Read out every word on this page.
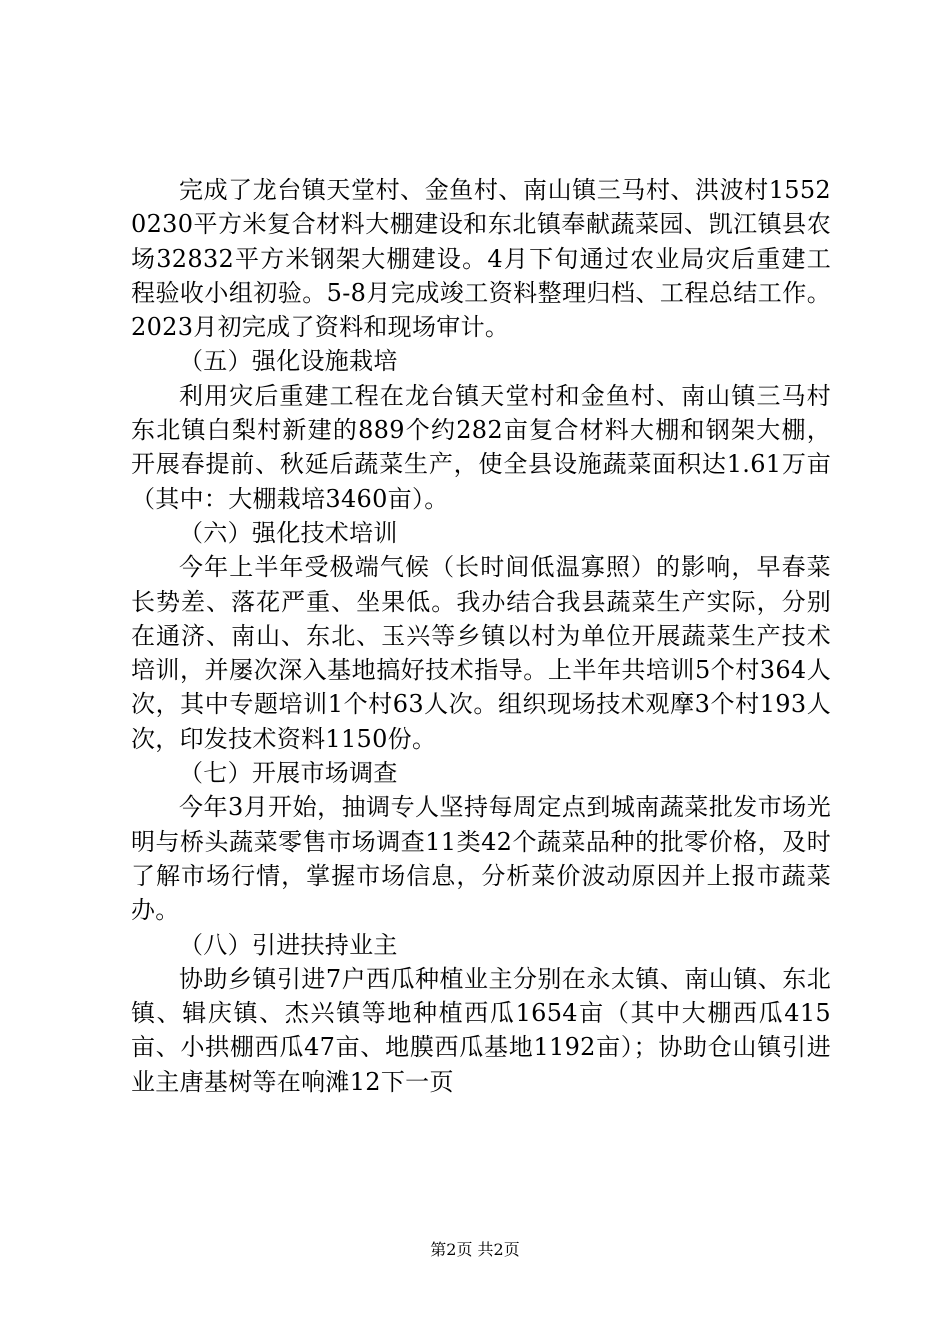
完成了龙台镇天堂村、金鱼村、南山镇三马村、洪波村15520230平方米复合材料大棚建设和东北镇奉献蔬菜园、凯江镇县农场32832平方米钢架大棚建设。4月下旬通过农业局灾后重建工程验收小组初验。5-8月完成竣工资料整理归档、工程总结工作。2023月初完成了资料和现场审计。

（五）强化设施栽培

利用灾后重建工程在龙台镇天堂村和金鱼村、南山镇三马村东北镇白梨村新建的889个约282亩复合材料大棚和钢架大棚，开展春提前、秋延后蔬菜生产，使全县设施蔬菜面积达1.61万亩（其中：大棚栽培3460亩）。

（六）强化技术培训

今年上半年受极端气候（长时间低温寡照）的影响，早春菜长势差、落花严重、坐果低。我办结合我县蔬菜生产实际，分别在通济、南山、东北、玉兴等乡镇以村为单位开展蔬菜生产技术培训，并屡次深入基地搞好技术指导。上半年共培训5个村364人次，其中专题培训1个村63人次。组织现场技术观摩3个村193人次，印发技术资料1150份。

（七）开展市场调查

今年3月开始，抽调专人坚持每周定点到城南蔬菜批发市场光明与桥头蔬菜零售市场调查11类42个蔬菜品种的批零价格，及时了解市场行情，掌握市场信息，分析菜价波动原因并上报市蔬菜办。

（八）引进扶持业主

协助乡镇引进7户西瓜种植业主分别在永太镇、南山镇、东北镇、辑庆镇、杰兴镇等地种植西瓜1654亩（其中大棚西瓜415亩、小拱棚西瓜47亩、地膜西瓜基地1192亩）；协助仓山镇引进业主唐基树等在响滩12下一页

第2页 共2页
